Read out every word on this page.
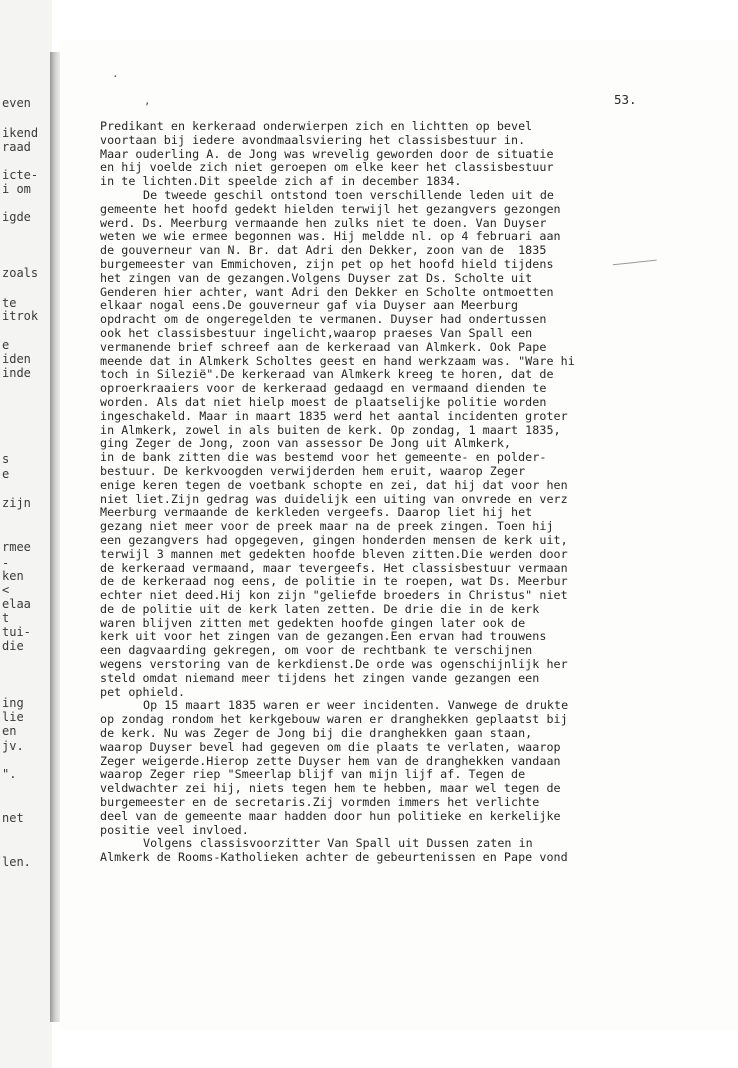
even
ikend
raad
icte-
i om
igde
zoals
te
itrok
e
iden
inde
s
e
zijn
rmee
-
ken
<
elaa
t
tui-
die
ing
lie
en
jv.
".
net
len.
·
,	53.
Predikant en kerkeraad onderwierpen zich en lichtten op bevel
voortaan bij iedere avondmaalsviering het classisbestuur in.
Maar ouderling A. de Jong was wrevelig geworden door de situatie
en hij voelde zich niet geroepen om elke keer het classisbestuur
in te lichten.Dit speelde zich af in december 1834.
De tweede geschil ontstond toen verschillende leden uit de
gemeente het hoofd gedekt hielden terwijl het gezangvers gezongen
werd. Ds. Meerburg vermaande hen zulks niet te doen. Van Duyser
weten we wie ermee begonnen was. Hij meldde nl. op 4 februari aan
de gouverneur van N. Br. dat Adri den Dekker, zoon van de  1835
burgemeester van Emmichoven, zijn pet op het hoofd hield tijdens
het zingen van de gezangen.Volgens Duyser zat Ds. Scholte uit
Genderen hier achter, want Adri den Dekker en Scholte ontmoetten
elkaar nogal eens.De gouverneur gaf via Duyser aan Meerburg
opdracht om de ongeregelden te vermanen. Duyser had ondertussen
ook het classisbestuur ingelicht,waarop praeses Van Spall een
vermanende brief schreef aan de kerkeraad van Almkerk. Ook Pape
meende dat in Almkerk Scholtes geest en hand werkzaam was. "Ware hi
toch in Sileziё".De kerkeraad van Almkerk kreeg te horen, dat de
oproerkraaiers voor de kerkeraad gedaagd en vermaand dienden te
worden. Als dat niet hielp moest de plaatselijke politie worden
ingeschakeld. Maar in maart 1835 werd het aantal incidenten groter
in Almkerk, zowel in als buiten de kerk. Op zondag, 1 maart 1835,
ging Zeger de Jong, zoon van assessor De Jong uit Almkerk,
in de bank zitten die was bestemd voor het gemeente- en polder-
bestuur. De kerkvoogden verwijderden hem eruit, waarop Zeger
enige keren tegen de voetbank schopte en zei, dat hij dat voor hen
niet liet.Zijn gedrag was duidelijk een uiting van onvrede en verz
Meerburg vermaande de kerkleden vergeefs. Daarop liet hij het
gezang niet meer voor de preek maar na de preek zingen. Toen hij
een gezangvers had opgegeven, gingen honderden mensen de kerk uit,
terwijl 3 mannen met gedekten hoofde bleven zitten.Die werden door
de kerkeraad vermaand, maar tevergeefs. Het classisbestuur vermaan
de de kerkeraad nog eens, de politie in te roepen, wat Ds. Meerbur
echter niet deed.Hij kon zijn "geliefde broeders in Christus" niet
de de politie uit de kerk laten zetten. De drie die in de kerk
waren blijven zitten met gedekten hoofde gingen later ook de
kerk uit voor het zingen van de gezangen.Een ervan had trouwens
een dagvaarding gekregen, om voor de rechtbank te verschijnen
wegens verstoring van de kerkdienst.De orde was ogenschijnlijk her
steld omdat niemand meer tijdens het zingen vande gezangen een
pet ophield.
Op 15 maart 1835 waren er weer incidenten. Vanwege de drukte
op zondag rondom het kerkgebouw waren er dranghekken geplaatst bij
de kerk. Nu was Zeger de Jong bij die dranghekken gaan staan,
waarop Duyser bevel had gegeven om die plaats te verlaten, waarop
Zeger weigerde.Hierop zette Duyser hem van de dranghekken vandaan
waarop Zeger riep "Smeerlap blijf van mijn lijf af. Tegen de
veldwachter zei hij, niets tegen hem te hebben, maar wel tegen de
burgemeester en de secretaris.Zij vormden immers het verlichte
deel van de gemeente maar hadden door hun politieke en kerkelijke
positie veel invloed.
Volgens classisvoorzitter Van Spall uit Dussen zaten in
Almkerk de Rooms-Katholieken achter de gebeurtenissen en Pape vond
